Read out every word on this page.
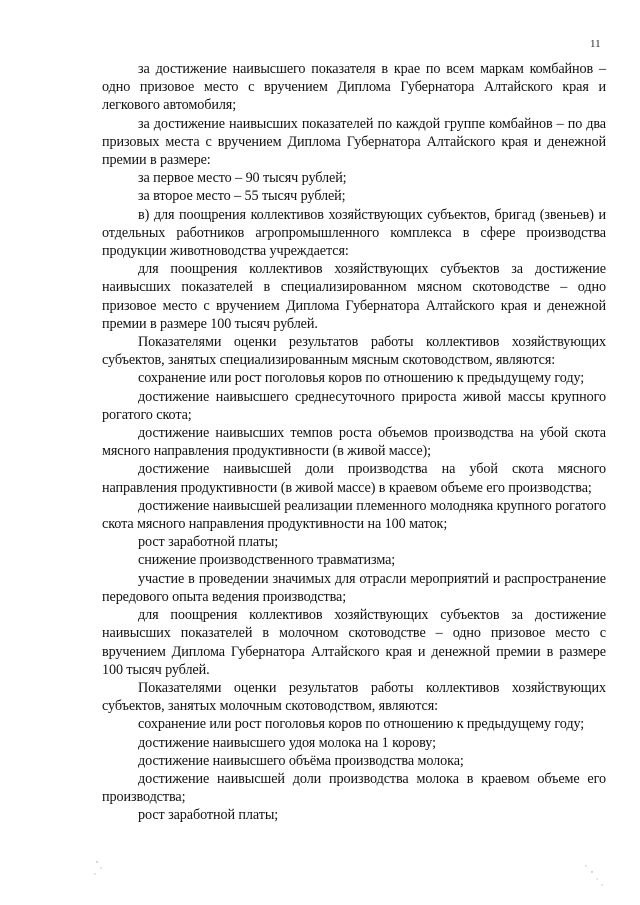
11

за достижение наивысшего показателя в крае по всем маркам комбайнов – одно призовое место с вручением Диплома Губернатора Алтайского края и легкового автомобиля;

за достижение наивысших показателей по каждой группе комбайнов – по два призовых места с вручением Диплома Губернатора Алтайского края и денежной премии в размере:

за первое место – 90 тысяч рублей;

за второе место – 55 тысяч рублей;

в) для поощрения коллективов хозяйствующих субъектов, бригад (звеньев) и отдельных работников агропромышленного комплекса в сфере производства продукции животноводства учреждается:

для поощрения коллективов хозяйствующих субъектов за достижение наивысших показателей в специализированном мясном скотоводстве – одно призовое место с вручением Диплома Губернатора Алтайского края и денежной премии в размере 100 тысяч рублей.

Показателями оценки результатов работы коллективов хозяйствующих субъектов, занятых специализированным мясным скотоводством, являются:

сохранение или рост поголовья коров по отношению к предыдущему году;

достижение наивысшего среднесуточного прироста живой массы крупного рогатого скота;

достижение наивысших темпов роста объемов производства на убой скота мясного направления продуктивности (в живой массе);

достижение наивысшей доли производства на убой скота мясного направления продуктивности (в живой массе) в краевом объеме его производства;

достижение наивысшей реализации племенного молодняка крупного рогатого скота мясного направления продуктивности на 100 маток;

рост заработной платы;

снижение производственного травматизма;

участие в проведении значимых для отрасли мероприятий и распространение передового опыта ведения производства;

для поощрения коллективов хозяйствующих субъектов за достижение наивысших показателей в молочном скотоводстве – одно призовое место с вручением Диплома Губернатора Алтайского края и денежной премии в размере 100 тысяч рублей.

Показателями оценки результатов работы коллективов хозяйствующих субъектов, занятых молочным скотоводством, являются:

сохранение или рост поголовья коров по отношению к предыдущему году;

достижение наивысшего удоя молока на 1 корову;

достижение наивысшего объёма производства молока;

достижение наивысшей доли производства молока в краевом объеме его производства;

рост заработной платы;
